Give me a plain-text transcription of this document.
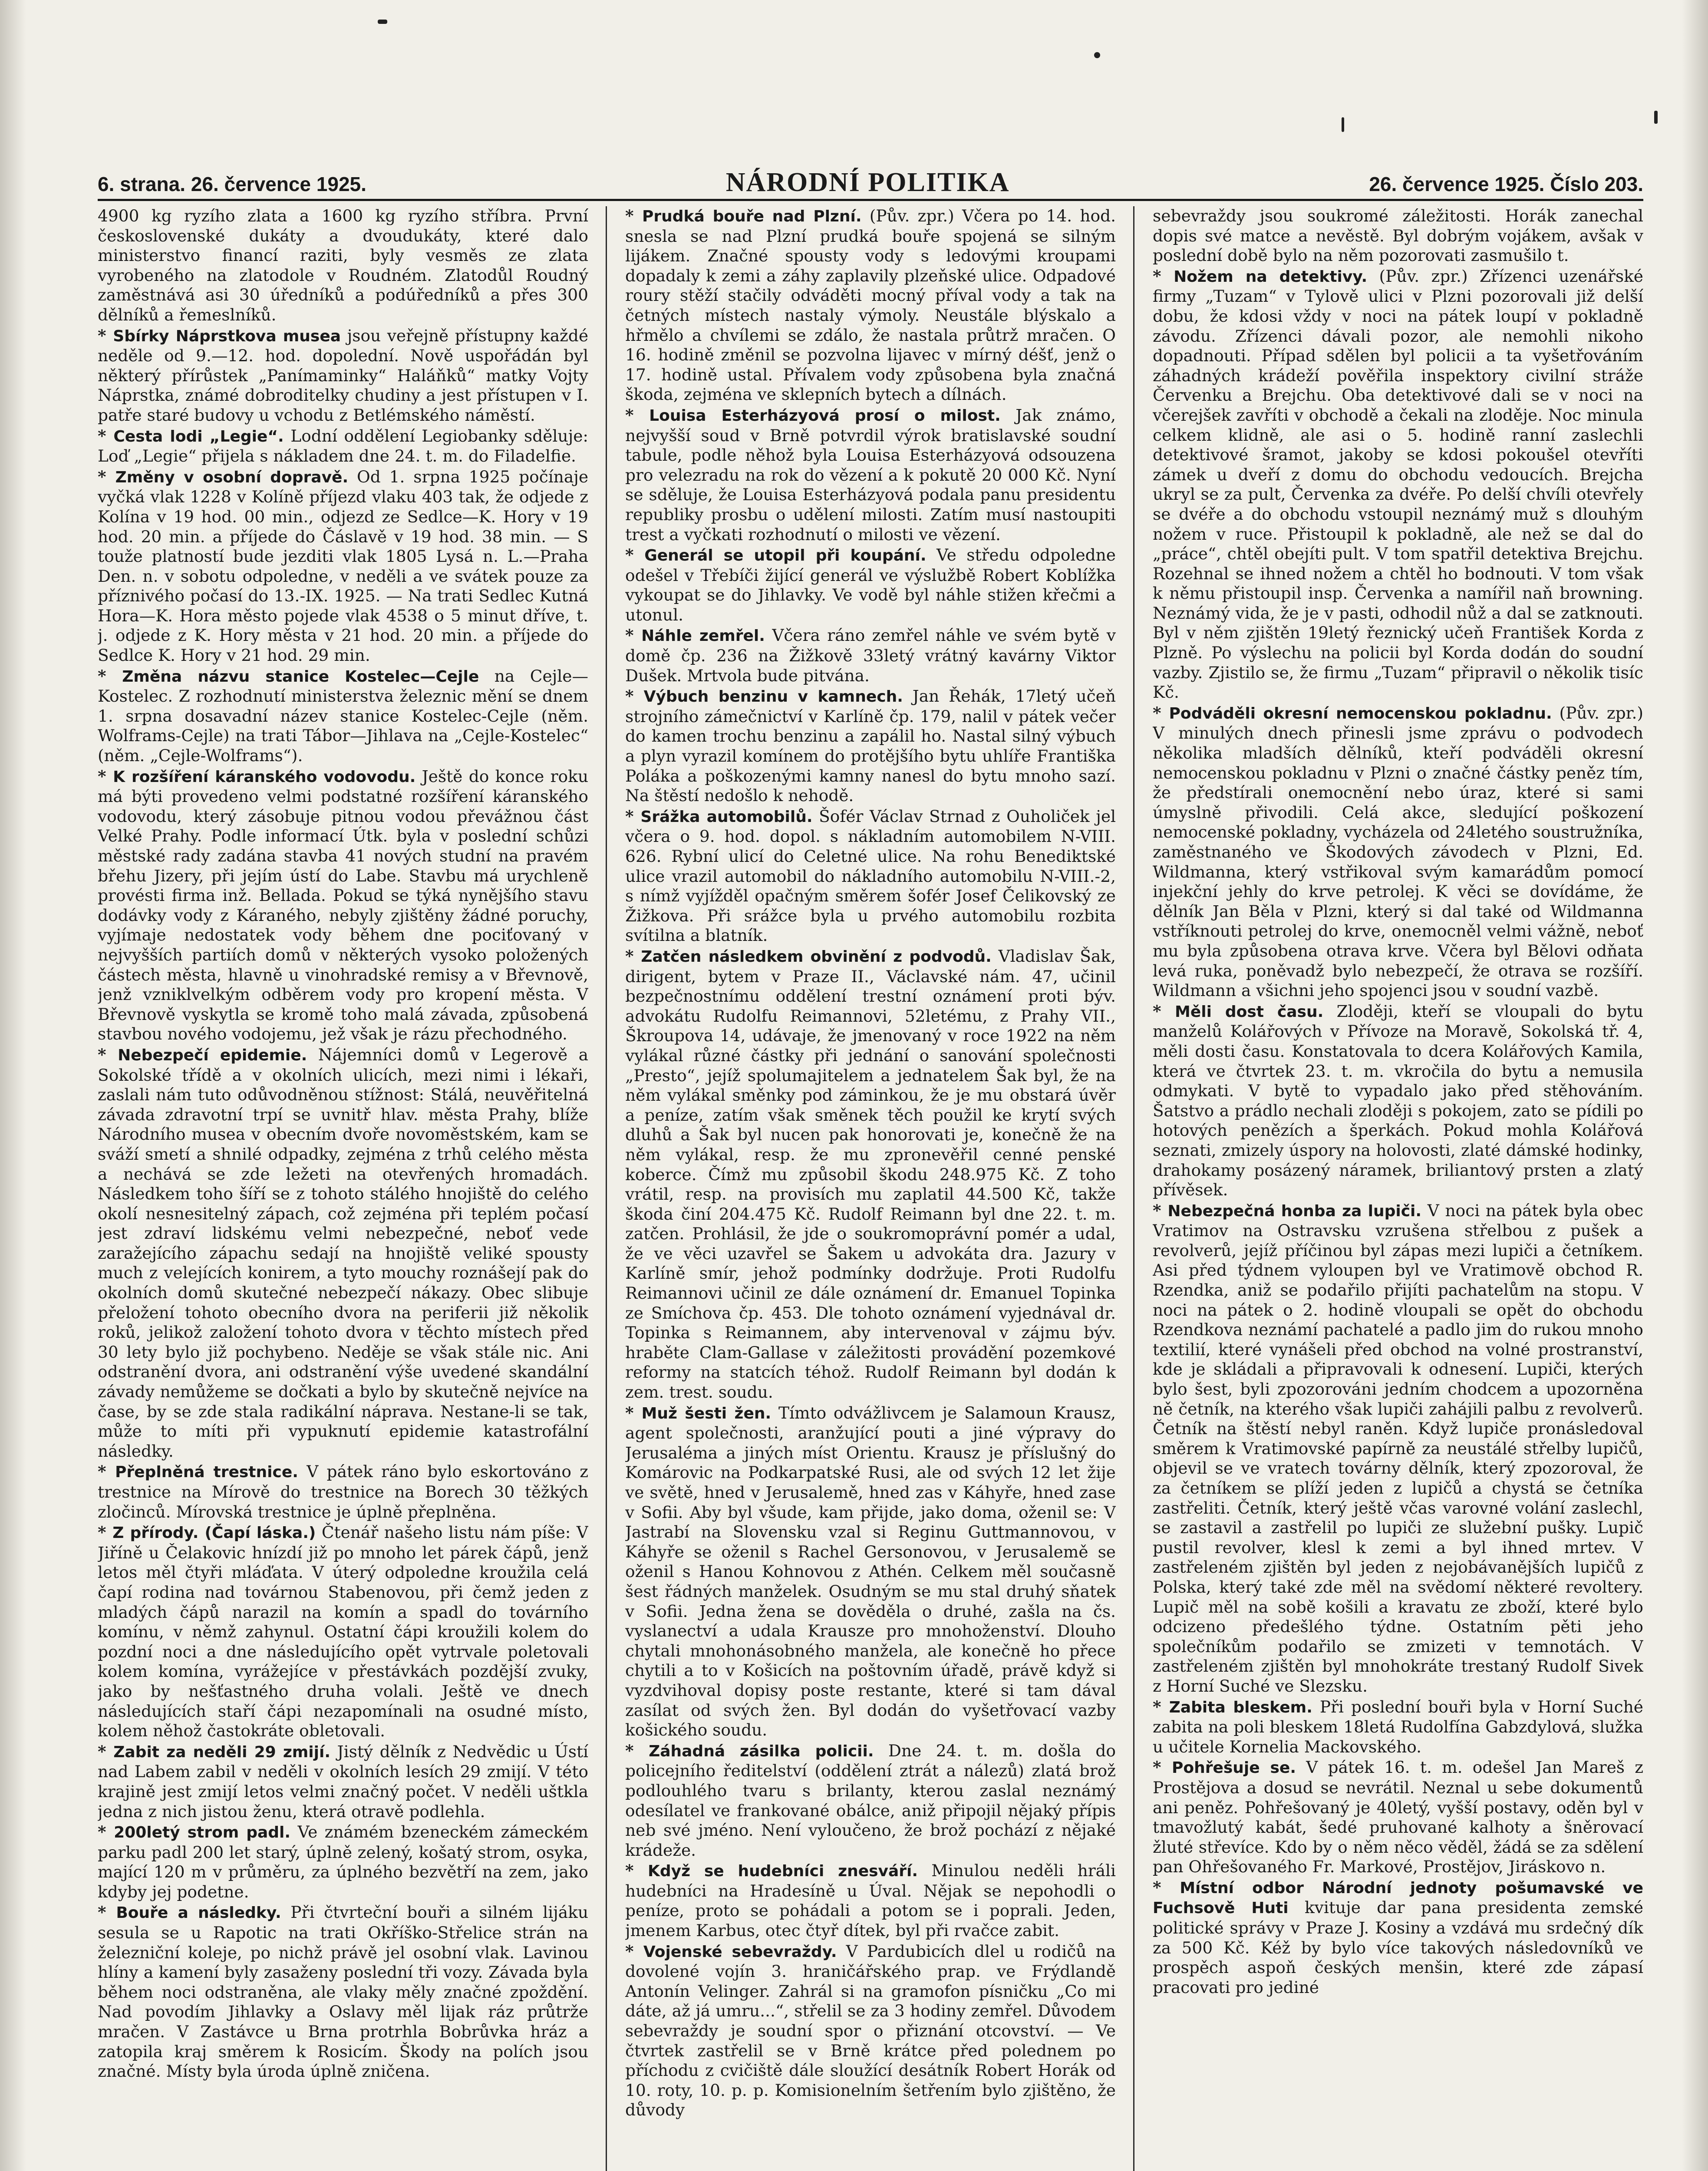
6. strana. 26. července 1925.	NÁRODNÍ POLITIKA	26. července 1925. Číslo 203.

4900 kg ryzího zlata a 1600 kg ryzího stříbra. První československé dukáty a dvoudukáty, které dalo ministerstvo financí raziti, byly vesměs ze zlata vyrobeného na zlatodole v Roudném. Zlatodůl Roudný zaměstnává asi 30 úředníků a podúředníků a přes 300 dělníků a řemeslníků.

* Sbírky Náprstkova musea jsou veřejně přístupny každé neděle od 9.—12. hod. dopolední. Nově uspořádán byl některý přírůstek „Panímaminky“ Haláňků“ matky Vojty Náprstka, známé dobroditelky chudiny a jest přístupen v I. patře staré budovy u vchodu z Betlémského náměstí.

* Cesta lodi „Legie“. Lodní oddělení Legiobanky sděluje: Loď „Legie“ přijela s nákladem dne 24. t. m. do Filadelfie.

* Změny v osobní dopravě. Od 1. srpna 1925 počínaje vyčká vlak 1228 v Kolíně příjezd vlaku 403 tak, že odjede z Kolína v 19 hod. 00 min., odjezd ze Sedlce—K. Hory v 19 hod. 20 min. a příjede do Čáslavě v 19 hod. 38 min. — S touže platností bude jezditi vlak 1805 Lysá n. L.—Praha Den. n. v sobotu odpoledne, v neděli a ve svátek pouze za příznivého počasí do 13.-IX. 1925. — Na trati Sedlec Kutná Hora—K. Hora město pojede vlak 4538 o 5 minut dříve, t. j. odjede z K. Hory města v 21 hod. 20 min. a příjede do Sedlce K. Hory v 21 hod. 29 min.

* Změna názvu stanice Kostelec—Cejle na Cejle—Kostelec. Z rozhodnutí ministerstva železnic mění se dnem 1. srpna dosavadní název stanice Kostelec-Cejle (něm. Wolframs-Cejle) na trati Tábor—Jihlava na „Cejle-Kostelec“ (něm. „Cejle-Wolframs“).

* K rozšíření káranského vodovodu. Ještě do konce roku má býti provedeno velmi podstatné rozšíření káranského vodovodu, který zásobuje pitnou vodou převážnou část Velké Prahy. Podle informací Útk. byla v poslední schůzi městské rady zadána stavba 41 nových studní na pravém břehu Jizery, při jejím ústí do Labe. Stavbu má urychleně provésti firma inž. Bellada. Pokud se týká nynějšího stavu dodávky vody z Káraného, nebyly zjištěny žádné poruchy, vyjímaje nedostatek vody během dne pociťovaný v nejvyšších partiích domů v některých vysoko položených částech města, hlavně u vinohradské remisy a v Břevnově, jenž vzniklvelkým odběrem vody pro kropení města. V Břevnově vyskytla se kromě toho malá závada, způsobená stavbou nového vodojemu, jež však je rázu přechodného.

* Nebezpečí epidemie. Nájemníci domů v Legerově a Sokolské třídě a v okolních ulicích, mezi nimi i lékaři, zaslali nám tuto odůvodněnou stížnost: Stálá, neuvěřitelná závada zdravotní trpí se uvnitř hlav. města Prahy, blíže Národního musea v obecním dvoře novoměstském, kam se sváží smetí a shnilé odpadky, zejména z trhů celého města a nechává se zde ležeti na otevřených hromadách. Následkem toho šíří se z tohoto stálého hnojiště do celého okolí nesnesitelný zápach, což zejména při teplém počasí jest zdraví lidskému velmi nebezpečné, neboť vede zaražejícího zápachu sedají na hnojiště veliké spousty much z velejících konirem, a tyto mouchy roznášejí pak do okolních domů skutečné nebezpečí nákazy. Obec slibuje přeložení tohoto obecního dvora na periferii již několik roků, jelikož založení tohoto dvora v těchto místech před 30 lety bylo již pochybeno. Neděje se však stále nic. Ani odstranění dvora, ani odstranění výše uvedené skandální závady nemůžeme se dočkati a bylo by skutečně nejvíce na čase, by se zde stala radikální náprava. Nestane-li se tak, může to míti při vypuknutí epidemie katastrofální následky.

* Přeplněná trestnice. V pátek ráno bylo eskortováno z trestnice na Mírově do trestnice na Borech 30 těžkých zločinců. Mírovská trestnice je úplně přeplněna.

* Z přírody. (Čapí láska.) Čtenář našeho listu nám píše: V Jiříně u Čelakovic hnízdí již po mnoho let párek čápů, jenž letos měl čtyři mláďata. V úterý odpoledne kroužila celá čapí rodina nad továrnou Stabenovou, při čemž jeden z mladých čápů narazil na komín a spadl do továrního komínu, v němž zahynul. Ostatní čápi kroužili kolem do pozdní noci a dne následujícího opět vytrvale poletovali kolem komína, vyrážejíce v přestávkách pozdější zvuky, jako by nešťastného druha volali. Ještě ve dnech následujících staří čápi nezapomínali na osudné místo, kolem něhož častokráte obletovali.

* Zabit za neděli 29 zmijí. Jistý dělník z Nedvědic u Ústí nad Labem zabil v neděli v okolních lesích 29 zmijí. V této krajině jest zmijí letos velmi značný počet. V neděli uštkla jedna z nich jistou ženu, která otravě podlehla.

* 200letý strom padl. Ve známém bzeneckém zámeckém parku padl 200 let starý, úplně zelený, košatý strom, osyka, mající 120 m v průměru, za úplného bezvětří na zem, jako kdyby jej podetne.

* Bouře a následky. Při čtvrteční bouři a silném lijáku sesula se u Rapotic na trati Okříško-Střelice strán na železniční koleje, po nichž právě jel osobní vlak. Lavinou hlíny a kamení byly zasaženy poslední tři vozy. Závada byla během noci odstraněna, ale vlaky měly značné zpoždění. Nad povodím Jihlavky a Oslavy měl lijak ráz průtrže mračen. V Zastávce u Brna protrhla Bobrůvka hráz a zatopila kraj směrem k Rosicím. Škody na polích jsou značné. Místy byla úroda úplně zničena.

* Prudká bouře nad Plzní. (Pův. zpr.) Včera po 14. hod. snesla se nad Plzní prudká bouře spojená se silným lijákem. Značné spousty vody s ledovými kroupami dopadaly k zemi a záhy zaplavily plzeňské ulice. Odpadové roury stěží stačily odváděti mocný příval vody a tak na četných místech nastaly výmoly. Neustále blýskalo a hřmělo a chvílemi se zdálo, že nastala průtrž mračen. O 16. hodině změnil se pozvolna lijavec v mírný déšť, jenž o 17. hodině ustal. Přívalem vody způsobena byla značná škoda, zejména ve sklepních bytech a dílnách.

* Louisa Esterházyová prosí o milost. Jak známo, nejvyšší soud v Brně potvrdil výrok bratislavské soudní tabule, podle něhož byla Louisa Esterházyová odsouzena pro velezradu na rok do vězení a k pokutě 20 000 Kč. Nyní se sděluje, že Louisa Esterházyová podala panu presidentu republiky prosbu o udělení milosti. Zatím musí nastoupiti trest a vyčkati rozhodnutí o milosti ve vězení.

* Generál se utopil při koupání. Ve středu odpoledne odešel v Třebíči žijící generál ve výslužbě Robert Koblížka vykoupat se do Jihlavky. Ve vodě byl náhle stižen křečmi a utonul.

* Náhle zemřel. Včera ráno zemřel náhle ve svém bytě v domě čp. 236 na Žižkově 33letý vrátný kavárny Viktor Dušek. Mrtvola bude pitvána.

* Výbuch benzinu v kamnech. Jan Řehák, 17letý učeň strojního zámečnictví v Karlíně čp. 179, nalil v pátek večer do kamen trochu benzinu a zapálil ho. Nastal silný výbuch a plyn vyrazil komínem do protějšího bytu uhlíře Františka Poláka a poškozenými kamny nanesl do bytu mnoho sazí. Na štěstí nedošlo k nehodě.

* Srážka automobilů. Šofér Václav Strnad z Ouholiček jel včera o 9. hod. dopol. s nákladním automobilem N-VIII. 626. Rybní ulicí do Celetné ulice. Na rohu Benediktské ulice vrazil automobil do nákladního automobilu N-VIII.-2, s nímž vyjížděl opačným směrem šofér Josef Čelikovský ze Žižkova. Při srážce byla u prvého automobilu rozbita svítilna a blatník.

* Zatčen následkem obvinění z podvodů. Vladislav Šak, dirigent, bytem v Praze II., Václavské nám. 47, učinil bezpečnostnímu oddělení trestní oznámení proti býv. advokátu Rudolfu Reimannovi, 52letému, z Prahy VII., Škroupova 14, udávaje, že jmenovaný v roce 1922 na něm vylákal různé částky při jednání o sanování společnosti „Presto“, jejíž spolumajitelem a jednatelem Šak byl, že na něm vylákal směnky pod záminkou, že je mu obstará úvěr a peníze, zatím však směnek těch použil ke krytí svých dluhů a Šak byl nucen pak honorovati je, konečně že na něm vylákal, resp. že mu zpronevěřil cenné penské koberce. Čímž mu způsobil škodu 248.975 Kč. Z toho vrátil, resp. na provisích mu zaplatil 44.500 Kč, takže škoda činí 204.475 Kč. Rudolf Reimann byl dne 22. t. m. zatčen. Prohlásil, že jde o soukromoprávní pomér a udal, že ve věci uzavřel se Šakem u advokáta dra. Jazury v Karlíně smír, jehož podmínky dodržuje. Proti Rudolfu Reimannovi učinil ze dále oznámení dr. Emanuel Topinka ze Smíchova čp. 453. Dle tohoto oznámení vyjednával dr. Topinka s Reimannem, aby intervenoval v zájmu býv. hraběte Clam-Gallase v záležitosti provádění pozemkové reformy na statcích téhož. Rudolf Reimann byl dodán k zem. trest. soudu.

* Muž šesti žen. Tímto odvážlivcem je Salamoun Krausz, agent společnosti, aranžující pouti a jiné výpravy do Jerusaléma a jiných míst Orientu. Krausz je příslušný do Komárovic na Podkarpatské Rusi, ale od svých 12 let žije ve světě, hned v Jerusalemě, hned zas v Káhyře, hned zase v Sofii. Aby byl všude, kam přijde, jako doma, oženil se: V Jastrabí na Slovensku vzal si Reginu Guttmannovou, v Káhyře se oženil s Rachel Gersonovou, v Jerusalemě se oženil s Hanou Kohnovou z Athén. Celkem měl současně šest řádných manželek. Osudným se mu stal druhý sňatek v Sofii. Jedna žena se dověděla o druhé, zašla na čs. vyslanectví a udala Krausze pro mnohoženství. Dlouho chytali mnohonásobného manžela, ale konečně ho přece chytili a to v Košicích na poštovním úřadě, právě když si vyzdvihoval dopisy poste restante, které si tam dával zasílat od svých žen. Byl dodán do vyšetřovací vazby košického soudu.

* Záhadná zásilka policii. Dne 24. t. m. došla do policejního ředitelství (oddělení ztrát a nálezů) zlatá brož podlouhlého tvaru s brilanty, kterou zaslal neznámý odesílatel ve frankované obálce, aniž připojil nějaký přípis neb své jméno. Není vyloučeno, že brož pochází z nějaké krádeže.

* Když se hudebníci znesváří. Minulou neděli hráli hudebníci na Hradesíně u Úval. Nějak se nepohodli o peníze, proto se pohádali a potom se i poprali. Jeden, jmenem Karbus, otec čtyř dítek, byl při rvačce zabit.

* Vojenské sebevraždy. V Pardubicích dlel u rodičů na dovolené vojín 3. hraničářského prap. ve Frýdlandě Antonín Velinger. Zahrál si na gramofon písničku „Co mi dáte, až já umru...“, střelil se za 3 hodiny zemřel. Důvodem sebevraždy je soudní spor o přiznání otcovství. — Ve čtvrtek zastřelil se v Brně krátce před polednem po příchodu z cvičiště dále sloužící desátník Robert Horák od 10. roty, 10. p. p. Komisionelním šetřením bylo zjištěno, že důvody

sebevraždy jsou soukromé záležitosti. Horák zanechal dopis své matce a nevěstě. Byl dobrým vojákem, avšak v poslední době bylo na něm pozorovati zasmušilo t.

* Nožem na detektivy. (Pův. zpr.) Zřízenci uzenářské firmy „Tuzam“ v Tylově ulici v Plzni pozorovali již delší dobu, že kdosi vždy v noci na pátek loupí v pokladně závodu. Zřízenci dávali pozor, ale nemohli nikoho dopadnouti. Případ sdělen byl policii a ta vyšetřováním záhadných krádeží pověřila inspektory civilní stráže Červenku a Brejchu. Oba detektivové dali se v noci na včerejšek zavříti v obchodě a čekali na zloděje. Noc minula celkem klidně, ale asi o 5. hodině ranní zaslechli detektivové šramot, jakoby se kdosi pokoušel otevříti zámek u dveří z domu do obchodu vedoucích. Brejcha ukryl se za pult, Červenka za dvéře. Po delší chvíli otevřely se dvéře a do obchodu vstoupil neznámý muž s dlouhým nožem v ruce. Přistoupil k pokladně, ale než se dal do „práce“, chtěl obejíti pult. V tom spatřil detektiva Brejchu. Rozehnal se ihned nožem a chtěl ho bodnouti. V tom však k němu přistoupil insp. Červenka a namířil naň browning. Neznámý vida, že je v pasti, odhodil nůž a dal se zatknouti. Byl v něm zjištěn 19letý řeznický učeň František Korda z Plzně. Po výslechu na policii byl Korda dodán do soudní vazby. Zjistilo se, že firmu „Tuzam“ připravil o několik tisíc Kč.

* Podváděli okresní nemocenskou pokladnu. (Pův. zpr.) V minulých dnech přinesli jsme zprávu o podvodech několika mladších dělníků, kteří podváděli okresní nemocenskou pokladnu v Plzni o značné částky peněz tím, že předstírali onemocnění nebo úraz, které si sami úmyslně přivodili. Celá akce, sledující poškození nemocenské pokladny, vycházela od 24letého soustružníka, zaměstnaného ve Škodových závodech v Plzni, Ed. Wildmanna, který vstřikoval svým kamarádům pomocí injekční jehly do krve petrolej. K věci se dovídáme, že dělník Jan Běla v Plzni, který si dal také od Wildmanna vstříknouti petrolej do krve, onemocněl velmi vážně, neboť mu byla způsobena otrava krve. Včera byl Bělovi odňata levá ruka, poněvadž bylo nebezpečí, že otrava se rozšíří. Wildmann a všichni jeho spojenci jsou v soudní vazbě.

* Měli dost času. Zloději, kteří se vloupali do bytu manželů Kolářových v Přívoze na Moravě, Sokolská tř. 4, měli dosti času. Konstatovala to dcera Kolářových Kamila, která ve čtvrtek 23. t. m. vkročila do bytu a nemusila odmykati. V bytě to vypadalo jako před stěhováním. Šatstvo a prádlo nechali zloději s pokojem, zato se pídili po hotových penězích a šperkách. Pokud mohla Kolářová seznati, zmizely úspory na holovosti, zlaté dámské hodinky, drahokamy posázený náramek, briliantový prsten a zlatý přívěsek.

* Nebezpečná honba za lupiči. V noci na pátek byla obec Vratimov na Ostravsku vzrušena střelbou z pušek a revolverů, jejíž příčinou byl zápas mezi lupiči a četníkem. Asi před týdnem vyloupen byl ve Vratimově obchod R. Rzendka, aniž se podařilo přijíti pachatelům na stopu. V noci na pátek o 2. hodině vloupali se opět do obchodu Rzendkova neznámí pachatelé a padlo jim do rukou mnoho textilií, které vynášeli před obchod na volné prostranství, kde je skládali a připravovali k odnesení. Lupiči, kterých bylo šest, byli zpozorováni jedním chodcem a upozorněna ně četník, na kterého však lupiči zahájili palbu z revolverů. Četník na štěstí nebyl raněn. Když lupiče pronásledoval směrem k Vratimovské papírně za neustálé střelby lupičů, objevil se ve vratech továrny dělník, který zpozoroval, že za četníkem se plíží jeden z lupičů a chystá se četníka zastřeliti. Četník, který ještě včas varovné volání zaslechl, se zastavil a zastřelil po lupiči ze služební pušky. Lupič pustil revolver, klesl k zemi a byl ihned mrtev. V zastřeleném zjištěn byl jeden z nejobávanějších lupičů z Polska, který také zde měl na svědomí některé revoltery. Lupič měl na sobě košili a kravatu ze zboží, které bylo odcizeno předešlého týdne. Ostatním pěti jeho společníkům podařilo se zmizeti v temnotách. V zastřeleném zjištěn byl mnohokráte trestaný Rudolf Sivek z Horní Suché ve Slezsku.

* Zabita bleskem. Při poslední bouři byla v Horní Suché zabita na poli bleskem 18letá Rudolfína Gabzdylová, služka u učitele Kornelia Mackovského.

* Pohřešuje se. V pátek 16. t. m. odešel Jan Mareš z Prostějova a dosud se nevrátil. Neznal u sebe dokumentů ani peněz. Pohřešovaný je 40letý, vyšší postavy, oděn byl v tmavožlutý kabát, šedé pruhované kalhoty a šněrovací žluté střevíce. Kdo by o něm něco věděl, žádá se za sdělení pan Ohřešovaného Fr. Markové, Prostějov, Jiráskovo n.

* Místní odbor Národní jednoty pošumavské ve Fuchsově Huti kvituje dar pana presidenta zemské politické správy v Praze J. Kosiny a vzdává mu srdečný dík za 500 Kč. Kéž by bylo více takových následovníků ve prospěch aspoň českých menšin, které zde zápasí pracovati pro jediné
